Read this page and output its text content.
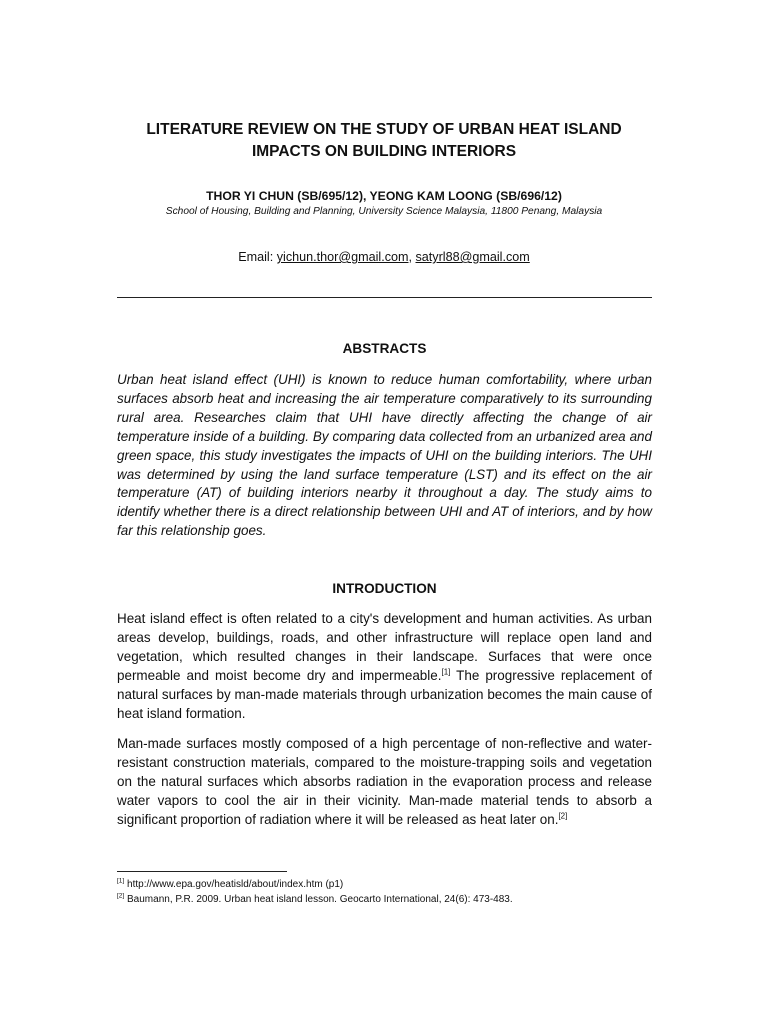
LITERATURE REVIEW ON THE STUDY OF URBAN HEAT ISLAND
IMPACTS ON BUILDING INTERIORS
THOR YI CHUN (SB/695/12), YEONG KAM LOONG (SB/696/12)
School of Housing, Building and Planning, University Science Malaysia, 11800 Penang, Malaysia
Email: yichun.thor@gmail.com, satyrl88@gmail.com
ABSTRACTS

Urban heat island effect (UHI) is known to reduce human comfortability, where urban surfaces absorb heat and increasing the air temperature comparatively to its surrounding rural area. Researches claim that UHI have directly affecting the change of air temperature inside of a building. By comparing data collected from an urbanized area and green space, this study investigates the impacts of UHI on the building interiors. The UHI was determined by using the land surface temperature (LST) and its effect on the air temperature (AT) of building interiors nearby it throughout a day. The study aims to identify whether there is a direct relationship between UHI and AT of interiors, and by how far this relationship goes.

INTRODUCTION

Heat island effect is often related to a city's development and human activities. As urban areas develop, buildings, roads, and other infrastructure will replace open land and vegetation, which resulted changes in their landscape. Surfaces that were once permeable and moist become dry and impermeable.[1] The progressive replacement of natural surfaces by man-made materials through urbanization becomes the main cause of heat island formation.

Man-made surfaces mostly composed of a high percentage of non-reflective and water-resistant construction materials, compared to the moisture-trapping soils and vegetation on the natural surfaces which absorbs radiation in the evaporation process and release water vapors to cool the air in their vicinity. Man-made material tends to absorb a significant proportion of radiation where it will be released as heat later on.[2]

[1] http://www.epa.gov/heatisld/about/index.htm (p1)
[2] Baumann, P.R. 2009. Urban heat island lesson. Geocarto International, 24(6): 473-483.
